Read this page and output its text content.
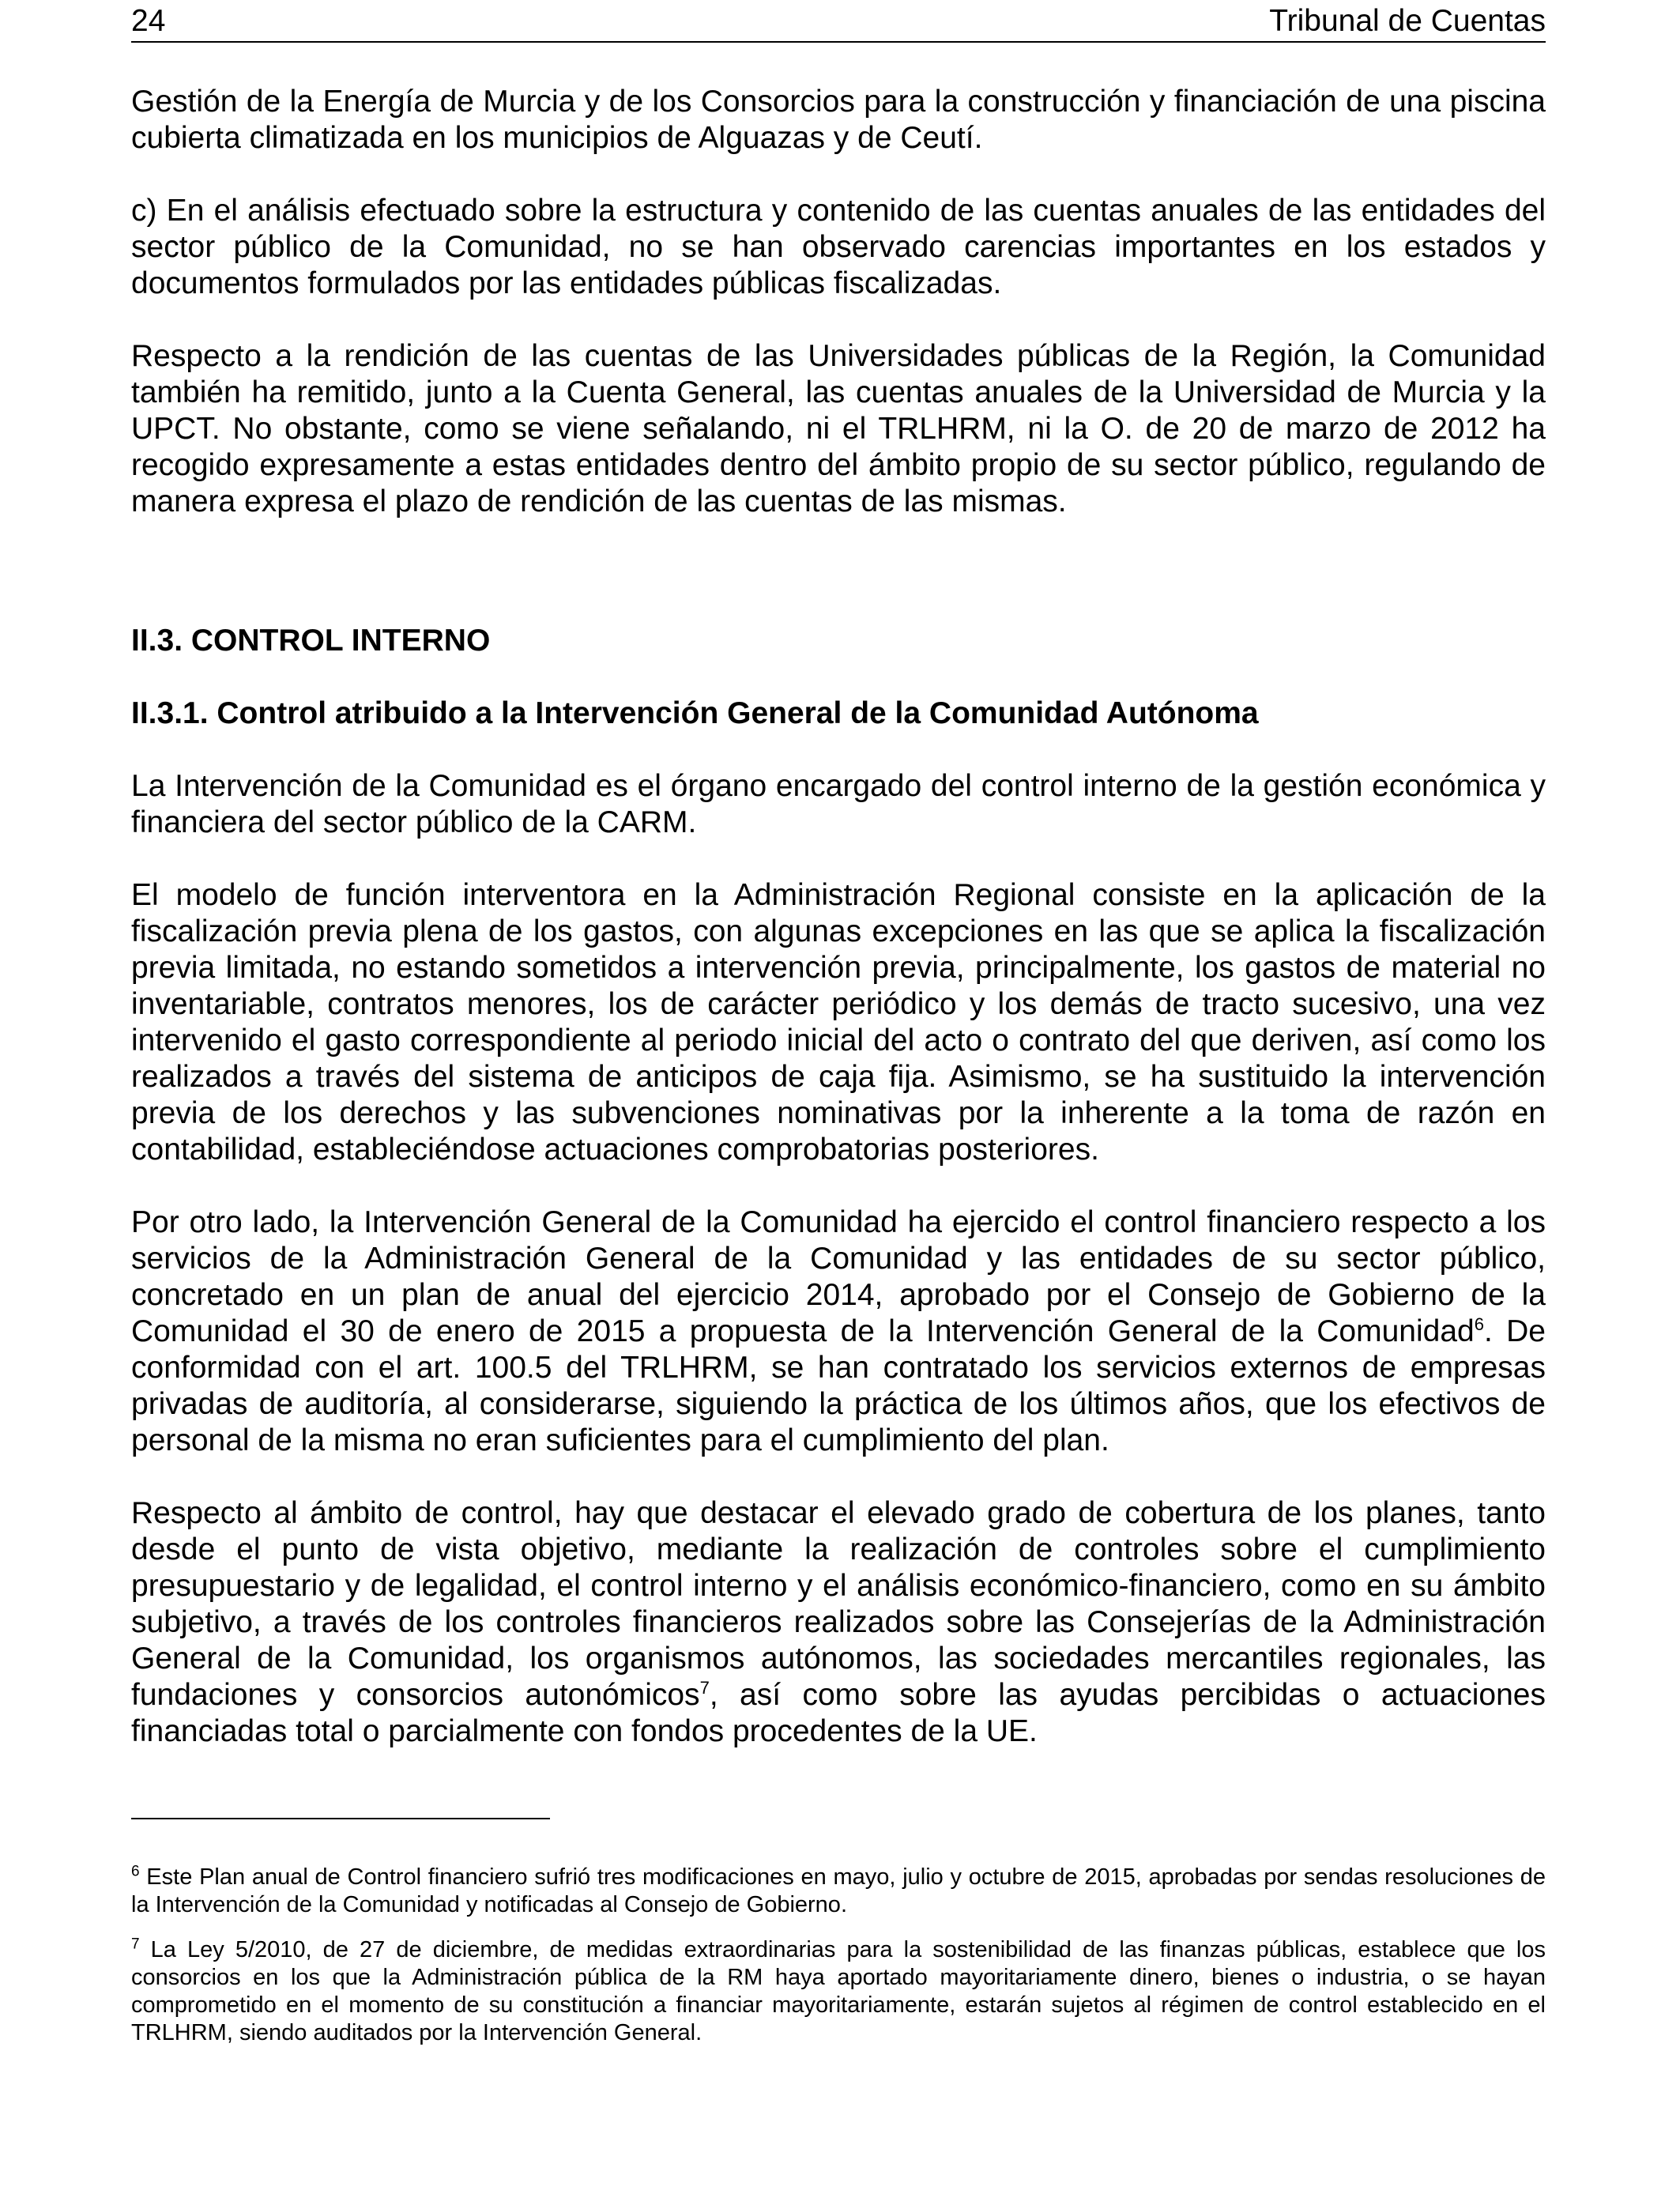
24	Tribunal de Cuentas

Gestión de la Energía de Murcia y de los Consorcios para la construcción y financiación de una piscina cubierta climatizada en los municipios de Alguazas y de Ceutí.

c) En el análisis efectuado sobre la estructura y contenido de las cuentas anuales de las entidades del sector público de la Comunidad, no se han observado carencias importantes en los estados y documentos formulados por las entidades públicas fiscalizadas.

Respecto a la rendición de las cuentas de las Universidades públicas de la Región, la Comunidad también ha remitido, junto a la Cuenta General, las cuentas anuales de la Universidad de Murcia y la UPCT. No obstante, como se viene señalando, ni el TRLHRM, ni la O. de 20 de marzo de 2012 ha recogido expresamente a estas entidades dentro del ámbito propio de su sector público, regulando de manera expresa el plazo de rendición de las cuentas de las mismas.

II.3. CONTROL INTERNO
II.3.1. Control atribuido a la Intervención General de la Comunidad Autónoma

La Intervención de la Comunidad es el órgano encargado del control interno de la gestión económica y financiera del sector público de la CARM.

El modelo de función interventora en la Administración Regional consiste en la aplicación de la fiscalización previa plena de los gastos, con algunas excepciones en las que se aplica la fiscalización previa limitada, no estando sometidos a intervención previa, principalmente, los gastos de material no inventariable, contratos menores, los de carácter periódico y los demás de tracto sucesivo, una vez intervenido el gasto correspondiente al periodo inicial del acto o contrato del que deriven, así como los realizados a través del sistema de anticipos de caja fija. Asimismo, se ha sustituido la intervención previa de los derechos y las subvenciones nominativas por la inherente a la toma de razón en contabilidad, estableciéndose actuaciones comprobatorias posteriores.

Por otro lado, la Intervención General de la Comunidad ha ejercido el control financiero respecto a los servicios de la Administración General de la Comunidad y las entidades de su sector público, concretado en un plan de anual del ejercicio 2014, aprobado por el Consejo de Gobierno de la Comunidad el 30 de enero de 2015 a propuesta de la Intervención General de la Comunidad$^6$. De conformidad con el art. 100.5 del TRLHRM, se han contratado los servicios externos de empresas privadas de auditoría, al considerarse, siguiendo la práctica de los últimos años, que los efectivos de personal de la misma no eran suficientes para el cumplimiento del plan.

Respecto al ámbito de control, hay que destacar el elevado grado de cobertura de los planes, tanto desde el punto de vista objetivo, mediante la realización de controles sobre el cumplimiento presupuestario y de legalidad, el control interno y el análisis económico-financiero, como en su ámbito subjetivo, a través de los controles financieros realizados sobre las Consejerías de la Administración General de la Comunidad, los organismos autónomos, las sociedades mercantiles regionales, las fundaciones y consorcios autonómicos$^7$, así como sobre las ayudas percibidas o actuaciones financiadas total o parcialmente con fondos procedentes de la UE.

$^6$ Este Plan anual de Control financiero sufrió tres modificaciones en mayo, julio y octubre de 2015, aprobadas por sendas resoluciones de la Intervención de la Comunidad y notificadas al Consejo de Gobierno.

$^7$ La Ley 5/2010, de 27 de diciembre, de medidas extraordinarias para la sostenibilidad de las finanzas públicas, establece que los consorcios en los que la Administración pública de la RM haya aportado mayoritariamente dinero, bienes o industria, o se hayan comprometido en el momento de su constitución a financiar mayoritariamente, estarán sujetos al régimen de control establecido en el TRLHRM, siendo auditados por la Intervención General.
